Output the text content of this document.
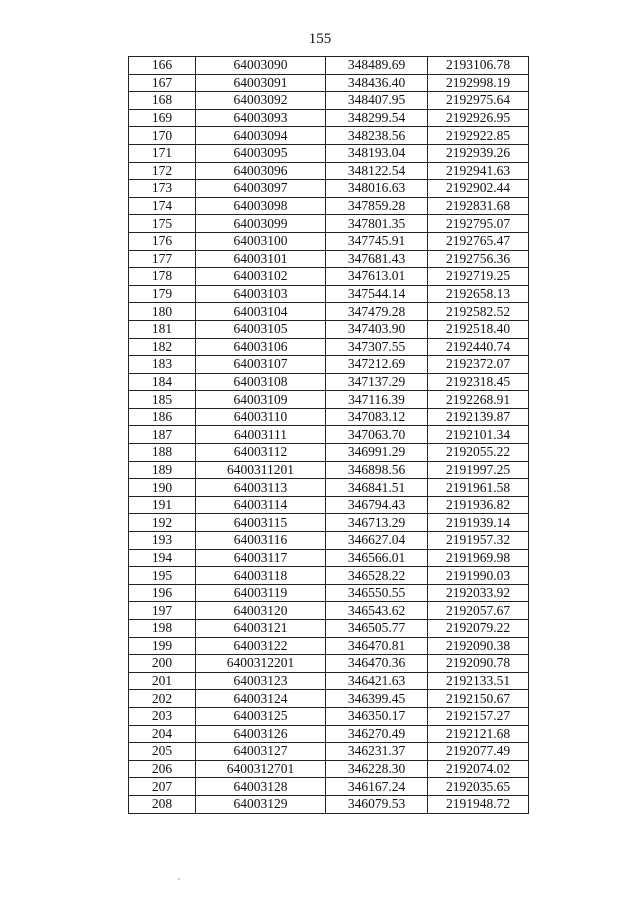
155
166	64003090	348489.69	2193106.78
167	64003091	348436.40	2192998.19
168	64003092	348407.95	2192975.64
169	64003093	348299.54	2192926.95
170	64003094	348238.56	2192922.85
171	64003095	348193.04	2192939.26
172	64003096	348122.54	2192941.63
173	64003097	348016.63	2192902.44
174	64003098	347859.28	2192831.68
175	64003099	347801.35	2192795.07
176	64003100	347745.91	2192765.47
177	64003101	347681.43	2192756.36
178	64003102	347613.01	2192719.25
179	64003103	347544.14	2192658.13
180	64003104	347479.28	2192582.52
181	64003105	347403.90	2192518.40
182	64003106	347307.55	2192440.74
183	64003107	347212.69	2192372.07
184	64003108	347137.29	2192318.45
185	64003109	347116.39	2192268.91
186	64003110	347083.12	2192139.87
187	64003111	347063.70	2192101.34
188	64003112	346991.29	2192055.22
189	6400311201	346898.56	2191997.25
190	64003113	346841.51	2191961.58
191	64003114	346794.43	2191936.82
192	64003115	346713.29	2191939.14
193	64003116	346627.04	2191957.32
194	64003117	346566.01	2191969.98
195	64003118	346528.22	2191990.03
196	64003119	346550.55	2192033.92
197	64003120	346543.62	2192057.67
198	64003121	346505.77	2192079.22
199	64003122	346470.81	2192090.38
200	6400312201	346470.36	2192090.78
201	64003123	346421.63	2192133.51
202	64003124	346399.45	2192150.67
203	64003125	346350.17	2192157.27
204	64003126	346270.49	2192121.68
205	64003127	346231.37	2192077.49
206	6400312701	346228.30	2192074.02
207	64003128	346167.24	2192035.65
208	64003129	346079.53	2191948.72
